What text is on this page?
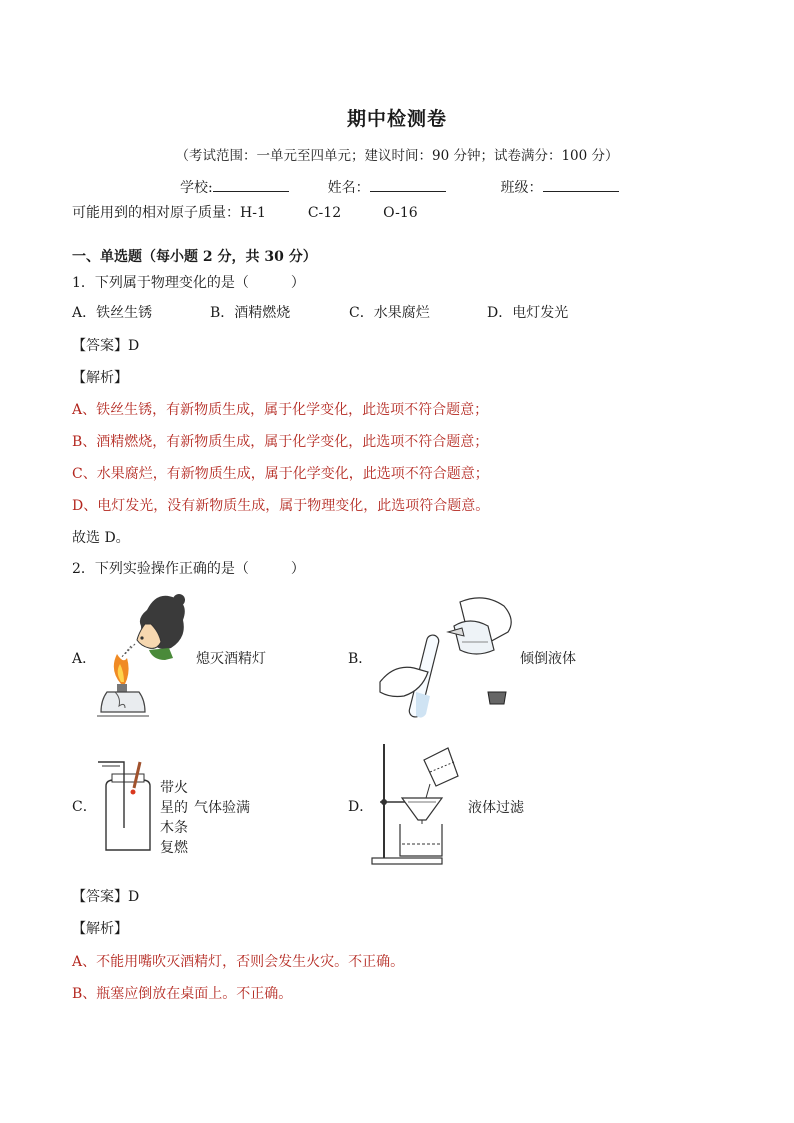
期中检测卷
（考试范围：一单元至四单元；建议时间：90 分钟；试卷满分：100 分）
学校:	姓名：	班级：
可能用到的相对原子质量：H-1　　　C-12　　　O-16
一、单选题（每小题 2 分，共 30 分）
1．下列属于物理变化的是（　　　）
A．铁丝生锈	B．酒精燃烧	C．水果腐烂	D．电灯发光
【答案】D
【解析】
A、铁丝生锈，有新物质生成，属于化学变化，此选项不符合题意；
B、酒精燃烧，有新物质生成，属于化学变化，此选项不符合题意；
C、水果腐烂，有新物质生成，属于化学变化，此选项不符合题意；
D、电灯发光，没有新物质生成，属于物理变化，此选项符合题意。
故选 D。
2．下列实验操作正确的是（　　　）
A．	熄灭酒精灯	B．	倾倒液体
C．
带火
星的
木条
复燃
气体验满	D．	液体过滤
【答案】D
【解析】
A、不能用嘴吹灭酒精灯，否则会发生火灾。不正确。
B、瓶塞应倒放在桌面上。不正确。
